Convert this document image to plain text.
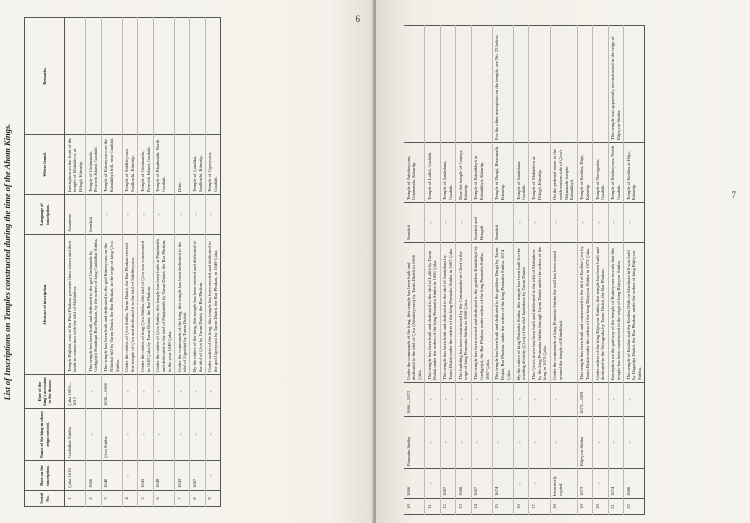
6
List of Inscriptions on Temples constructed during the time of the Ahom Kings.
Serial No.	Date on the inscription.	Name of the king in whose reign erected.	Date of the king's accession to the throne.	Abstract of inscription.	Language of inscription.	Where found.	Remarks.
1	Çaka 1616	Gadādhar Siṁha	Çaka 1603—1617	Temple Rājbāri, east of the Pāni Phukan, presents three slaves and their lands in connection with the idol of Mahādeva.	Assamese	Inscription on the front of the temple of Mahādeva, at Hilogā, Kāmrūp.	
2	1666	„	„	This temple has been built and dedicated to the god Umānanda by Garhgaiyā Handiqui Bar Phukan, by the orders of king Gadādhar Siṁha.	Sanskrit	Temple of Umānanda, Peacock Island, Gauhāti.	
3	1640	Çiva Siṁha	1636—1666	This temple has been built and dedicated to the god Kāmeçvara on the Nilāchal hill by Tarun Duārā, the Bar Phukan, in the reign of king Çiva Siṁha.	„	Temple of Kāmeçvara on the Kāmākhyā hill, near Gauhāti.	
4	„	„	„	Under the orders of Çiva Siṁha, Tarun Duārā, the Bar Phukan erected this temple of Çiva and dedicated it to the idol of Siddheçvara.	„	Temple of Siddheçvara, Sualkuchi, Kāmrūp.	
5	1643	„	„	Under the orders of king Çiva Siṁha, this idol of Çiva was consecrated in 1643 Çaka by Tarun Duārā, the Bar Phukan.	„	Temple of Umānanda, Peacock Island, Gauhāti.	
6	1649	„	„	Under the orders of Çiva Siṁha, this temple has been built at Pāṇḍunāth and dedicated to the idol of Pāṇḍunāth by Tarun Duārā, the Bar Phukan, in the year 1649 Çaka.	„	Temple of Pāṇḍunāth, North Gauhāti.	
7	1643	„	„	Under the commands of the king, this temple has been dedicated to the idol of Ugratārā by Tarun Duārā.	„	Ditto.	
8	1667	„	„	By the orders of the king, this temple has been erected and dedicated to the idol of Çiva by Tarun Duārā, the Bar Phukan.	„	Temple of Çandikā, Sualkuchi, Kāmrūp.	
9	„	„	„	Under orders of the king, this temple has been erected and dedicated to the god Ugreçvara by Tarun Duārā, the Bar Phukan, in 1649 Çaka.	„	Temple of Ugreçvara, Gauhāti.	
7
10	1666	Pramatta Siṁha	1666—1673	Under the commands of the king, this temple has been built and dedicated to the idol of Çiva (Aṁrāteçvara) by Tarun Duārā in 1666 Çaka.	Sanskrit	Temple of Aṁrāteçvara, Umānanda, Kāmrūp.	
11	„	„	„	This temple has been built and dedicated to the idol of Lalitā by Tarun Duārā under the orders of the king Pramatta Siṁha in 1666 Çaka.	„	Temple of Lalitā, Gauhāti.	
12	1667	„	„	This temple has been built and dedicated to the idol of Janārdana by Tarun Duārā under the orders of the king Pramatta Siṁha in 1667 Çaka.	„	Temple of Janārdana, Gauhāti.	
13	1668	„	„	This building has been constructed by the Commander-in-Chief in the reign of king Pramatta Siṁha in 1668 Çaka.	„	Near the temple of Gaṇeça, Kāmrūp.	
14	1667	„	„	This temple has been erected and dedicated to the goddess Kāmākhyā by Garhgaiyā, the Bar Phukan, under orders of the king Pramatta Siṁha, 1667 Çaka.	Sanskrit and Bengali	Temple of Kāmākhyā at Kāmākhyā, Kāmrūp.	
15	1674	„	„	This temple has been built and dedicated to the goddess Durgā by Tarun Duārā, Bar Phukan, under the orders of the king Pramatta Siṁha, 1674 Çaka.	Sanskrit	Temple of Durgā, Biswanath, Kāmrūp.	For the other inscription on the temple, see No. 23 below.
16	„	„	„	By the orders of king Pramatta Siṁha, this temple has been built for the residing divinity (Çiva) of the idol Janārdana by Tarun Duārā.	„	Temple of Janārdana, Gauhāti.	
17	„	„	„	This Çiva's tower has been built and dedicated to the idol of Mahādeva by the king Pramatta Siṁha through Tarun Duārā under the orders of the king in 1673 Çaka.	„	Temple of Mahādeva at Hilogā, Kāmrūp.	
18	Incorrectly copied.	„	„	Under the commands of king Pramatta Siṁha the wall has been raised around the temple of Kāmākhyā.	„	On the pedestal stone to the south-eastern side of Çiva's Nāṭmandir temple, Kāmākhyā.	
19	1673	Rājeçvar Siṁha	1673—1691	This temple has been built and consecrated to the idol of Kedāra Çiva by Tarun Duārā under the orders of the king Rājeçvar Siṁha in 1673 Çaka.	„	Temple of Kedāra, Hājo, Kāmrūp.	
20	„	„	„	Under orders of the king Rājeçvar Siṁha, this temple has been built and dedicated to the Navagraha by Tarun Duārā, the Bar Phukan.	„	Temple of Navagraha, Gauhāti.	
21	1674	„	„	Inscription on the gateway of the temple of Rudreçvara records that this temple has been constructed in the reign of king Rājeçvar Siṁha.	„	Temple of Rudreçvara, North Gauhāti.	This temple was apparently reconstructed in the reign of Rājeçvar Siṁha.
22	1680	„	„	This temple of Kedāra and the Kedāra Nāth on Manikuta hill was built by Hagarāja Duārā, the Bar Phukan, under the orders of king Rājeçvar Siṁha.	„	Temple of Kedāra at Hājo, Kāmrūp.	
